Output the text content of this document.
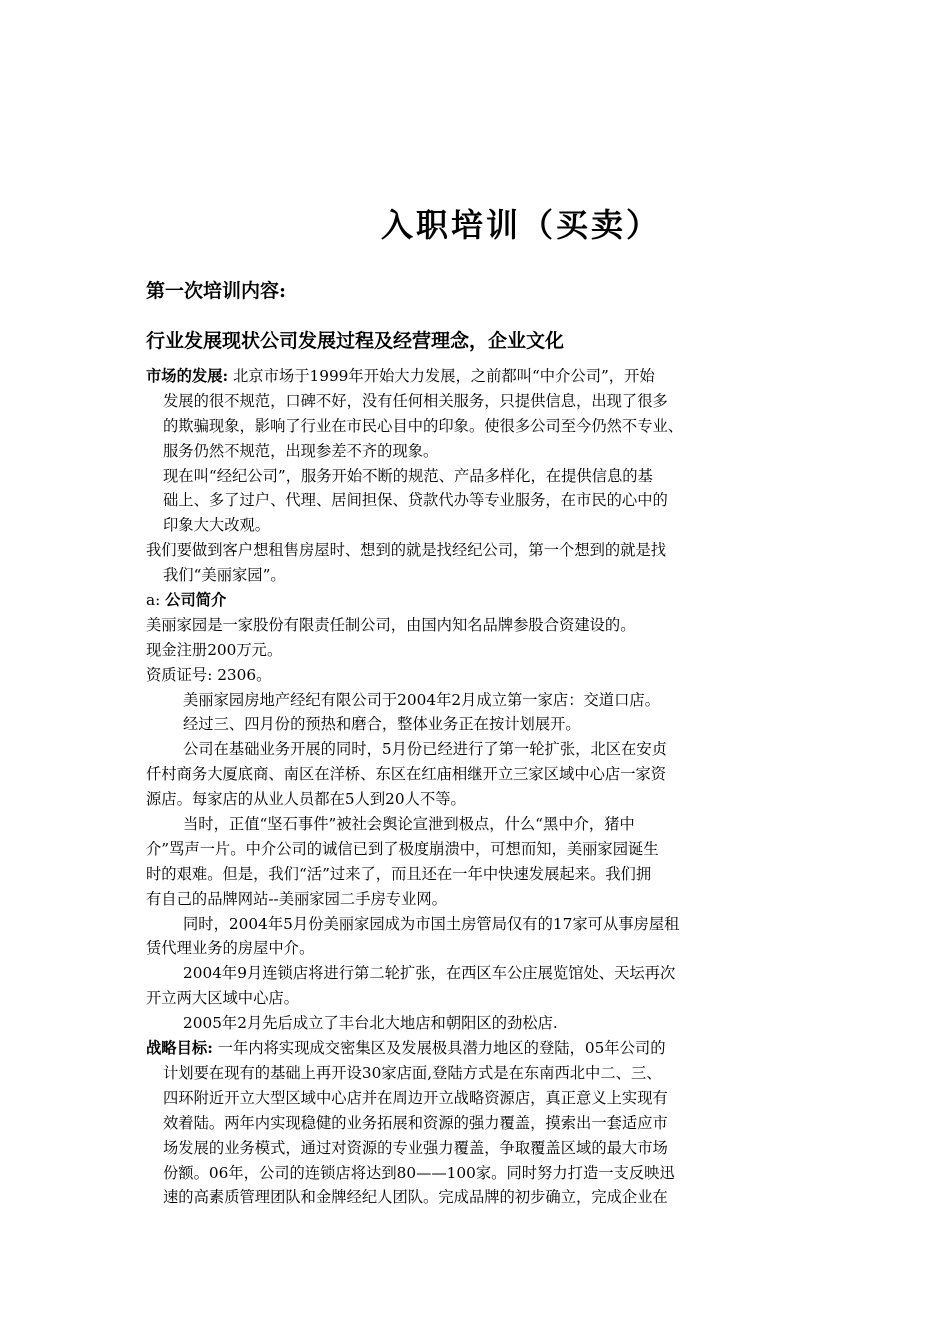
入职培训（买卖）
第一次培训内容:
行业发展现状公司发展过程及经营理念，企业文化
市场的发展: 北京市场于1999年开始大力发展，之前都叫“中介公司”，开始
发展的很不规范，口碑不好，没有任何相关服务，只提供信息，出现了很多
的欺骗现象，影响了行业在市民心目中的印象。使很多公司至今仍然不专业、
服务仍然不规范，出现参差不齐的现象。
现在叫“经纪公司”，服务开始不断的规范、产品多样化，在提供信息的基
础上、多了过户、代理、居间担保、贷款代办等专业服务，在市民的心中的
印象大大改观。
我们要做到客户想租售房屋时、想到的就是找经纪公司，第一个想到的就是找
我们“美丽家园”。
a: 公司简介
美丽家园是一家股份有限责任制公司，由国内知名品牌参股合资建设的。
现金注册200万元。
资质证号: 2306。
美丽家园房地产经纪有限公司于2004年2月成立第一家店：交道口店。
经过三、四月份的预热和磨合，整体业务正在按计划展开。
公司在基础业务开展的同时，5月份已经进行了第一轮扩张，北区在安贞
仟村商务大厦底商、南区在洋桥、东区在红庙相继开立三家区域中心店一家资
源店。每家店的从业人员都在5人到20人不等。
当时，正值“坚石事件”被社会舆论宣泄到极点，什么“黑中介，猪中
介”骂声一片。中介公司的诚信已到了极度崩溃中，可想而知，美丽家园诞生
时的艰难。但是，我们“活”过来了，而且还在一年中快速发展起来。我们拥
有自己的品牌网站--美丽家园二手房专业网。
同时，2004年5月份美丽家园成为市国土房管局仅有的17家可从事房屋租
赁代理业务的房屋中介。
2004年9月连锁店将进行第二轮扩张，在西区车公庄展览馆处、天坛再次
开立两大区域中心店。
2005年2月先后成立了丰台北大地店和朝阳区的劲松店.
战略目标: 一年内将实现成交密集区及发展极具潜力地区的登陆，05年公司的
计划要在现有的基础上再开设30家店面,登陆方式是在东南西北中二、三、
四环附近开立大型区域中心店并在周边开立战略资源店，真正意义上实现有
效着陆。两年内实现稳健的业务拓展和资源的强力覆盖，摸索出一套适应市
场发展的业务模式，通过对资源的专业强力覆盖，争取覆盖区域的最大市场
份额。06年，公司的连锁店将达到80——100家。同时努力打造一支反映迅
速的高素质管理团队和金牌经纪人团队。完成品牌的初步确立，完成企业在
